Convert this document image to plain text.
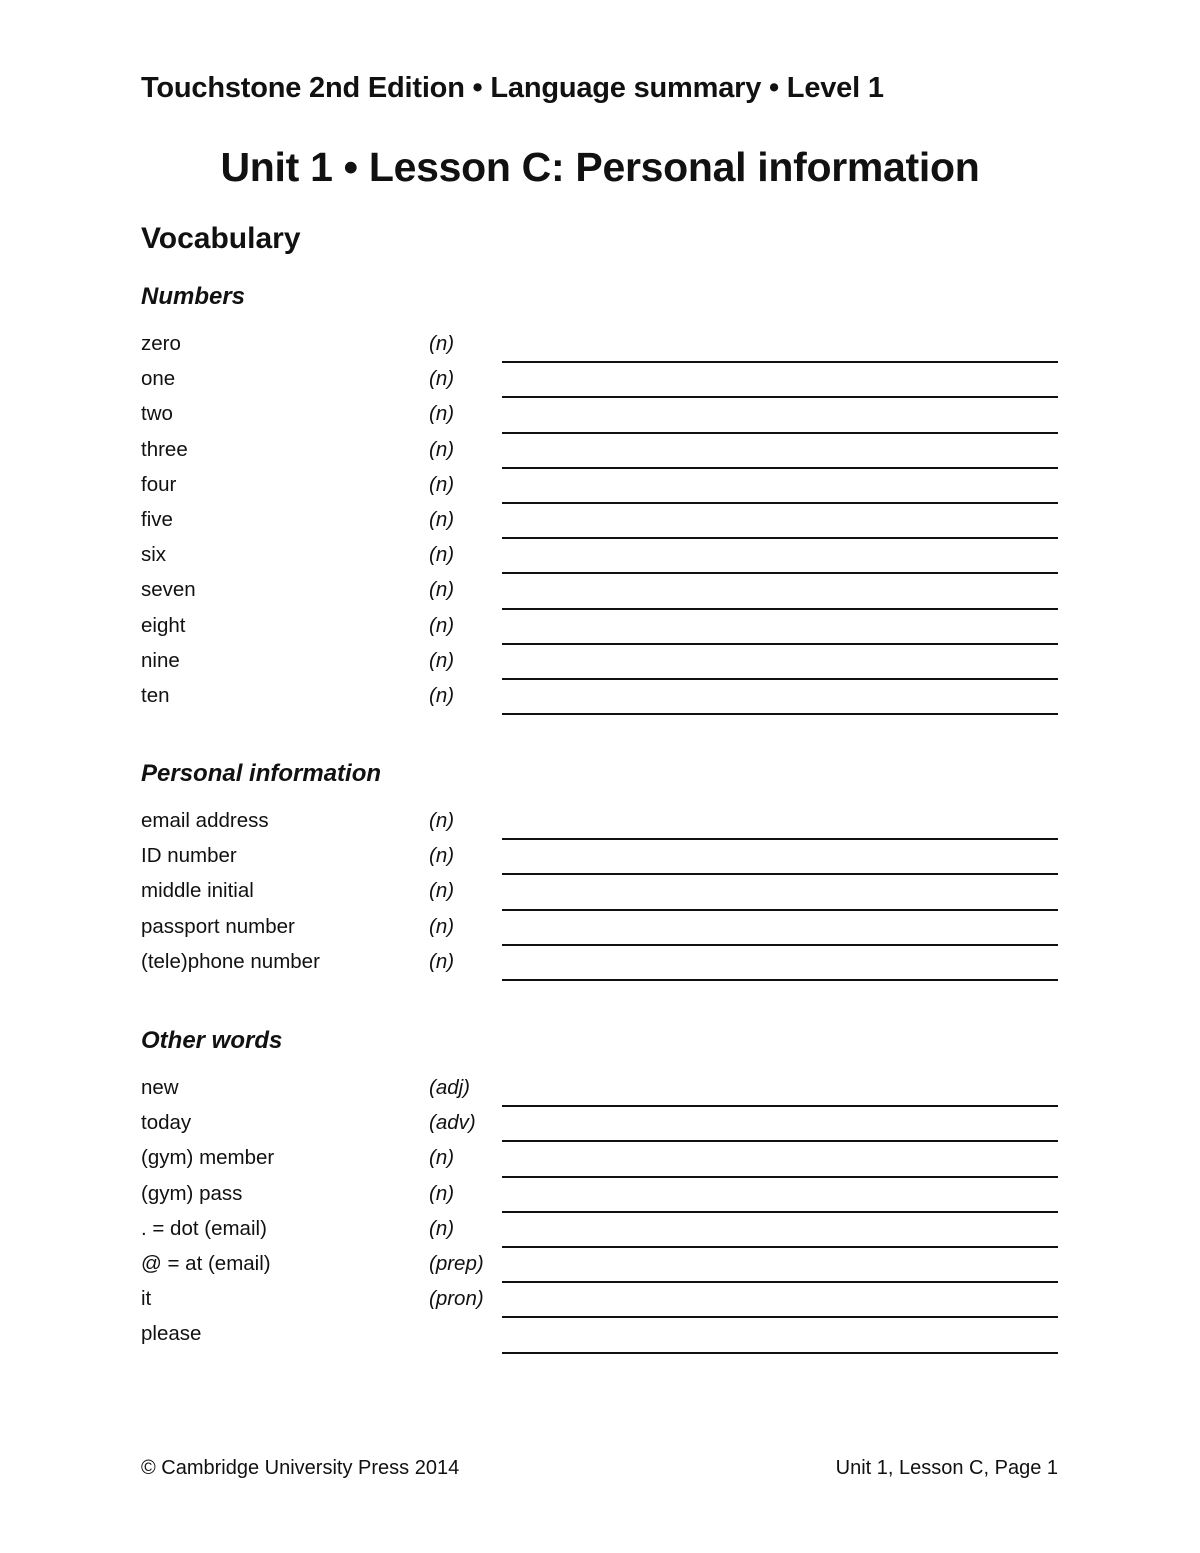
Touchstone 2nd Edition • Language summary • Level 1
Unit 1 • Lesson C: Personal information
Vocabulary
Numbers
zero	(n)
one	(n)
two	(n)
three	(n)
four	(n)
five	(n)
six	(n)
seven	(n)
eight	(n)
nine	(n)
ten	(n)
Personal information
email address	(n)
ID number	(n)
middle initial	(n)
passport number	(n)
(tele)phone number	(n)
Other words
new	(adj)
today	(adv)
(gym) member	(n)
(gym) pass	(n)
. = dot (email)	(n)
@ = at (email)	(prep)
it	(pron)
please
© Cambridge University Press 2014	Unit 1, Lesson C, Page 1
